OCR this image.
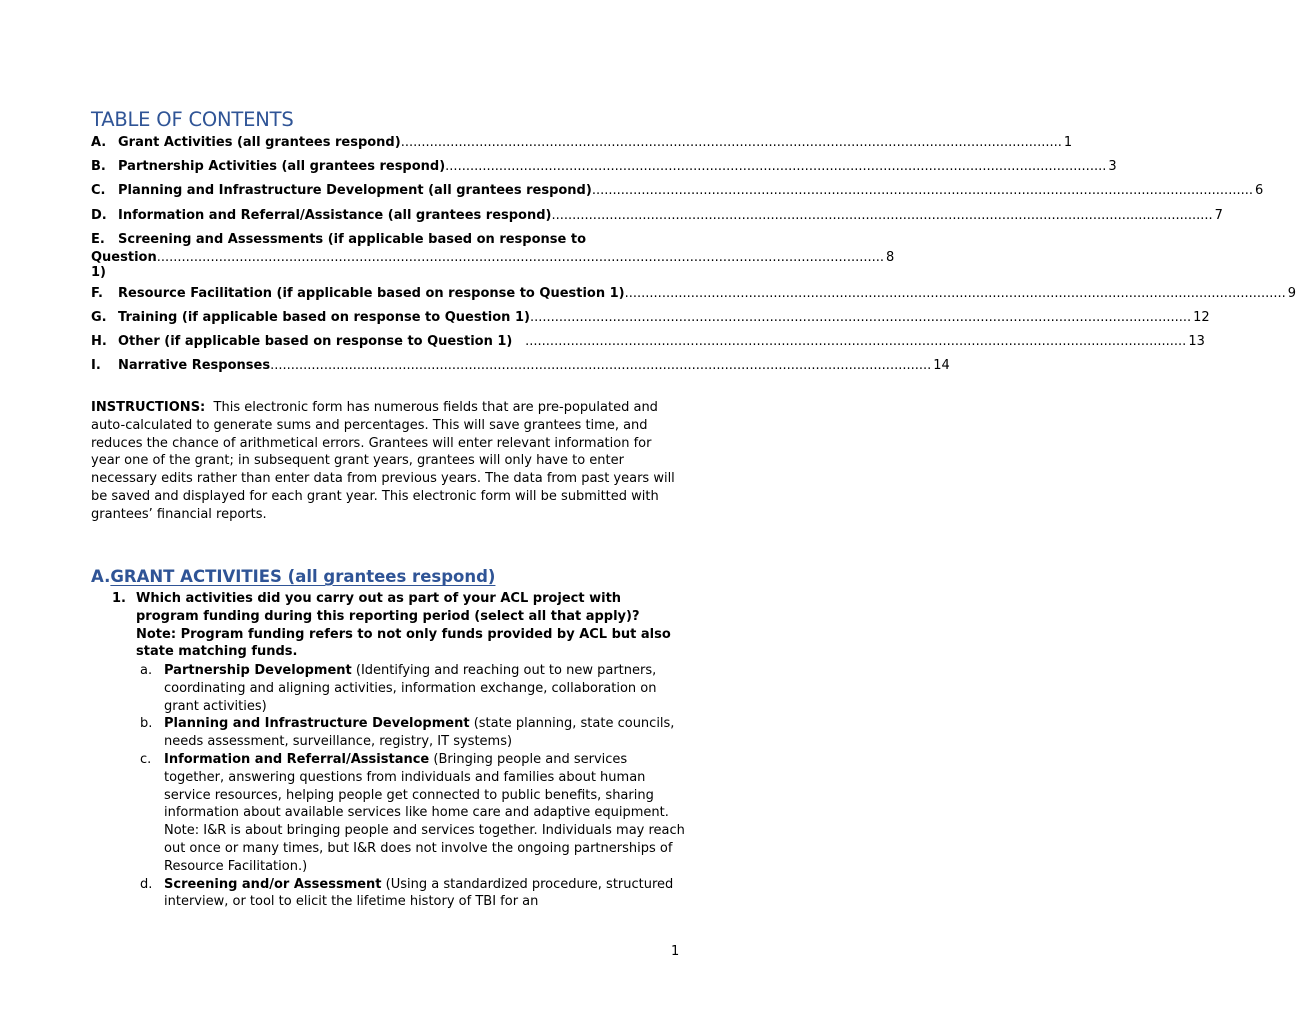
TABLE OF CONTENTS
A. Grant Activities (all grantees respond) ................................................................................................................................................................ 1
B. Partnership Activities (all grantees respond) ................................................................................................................................................................ 3
C. Planning and Infrastructure Development (all grantees respond) ................................................................................................................................................................ 6
D. Information and Referral/Assistance (all grantees respond) ................................................................................................................................................................ 7
E.	Screening and Assessments (if applicable based on response to
Question 1)
................................................................................................................................................................................ 8
F.	Resource Facilitation (if applicable based on response to Question 1) ................................................................................................................................................................ 9
G. Training (if applicable based on response to Question 1) ................................................................................................................................................................ 12
H. Other (if applicable based on response to Question 1) ................................................................................................................................................................ 13
I.	Narrative Responses ................................................................................................................................................................ 14
INSTRUCTIONS: This electronic form has numerous fields that are pre-populated and auto-calculated to generate sums and percentages. This will save grantees time, and reduces the chance of arithmetical errors. Grantees will enter relevant information for year one of the grant; in subsequent grant years, grantees will only have to enter necessary edits rather than enter data from previous years. The data from past years will be saved and displayed for each grant year. This electronic form will be submitted with grantees’ financial reports.
A.GRANT ACTIVITIES (all grantees respond)
1. Which activities did you carry out as part of your ACL project with program funding during this reporting period (select all that apply)? Note: Program funding refers to not only funds provided by ACL but also state matching funds.
a. Partnership Development (Identifying and reaching out to new partners, coordinating and aligning activities, information exchange, collaboration on grant activities)
b. Planning and Infrastructure Development (state planning, state councils, needs assessment, surveillance, registry, IT systems)
c. Information and Referral/Assistance (Bringing people and services together, answering questions from individuals and families about human service resources, helping people get connected to public benefits, sharing information about available services like home care and adaptive equipment. Note: I&R is about bringing people and services together. Individuals may reach out once or many times, but I&R does not involve the ongoing partnerships of Resource Facilitation.)
d. Screening and/or Assessment (Using a standardized procedure, structured interview, or tool to elicit the lifetime history of TBI for an
1
